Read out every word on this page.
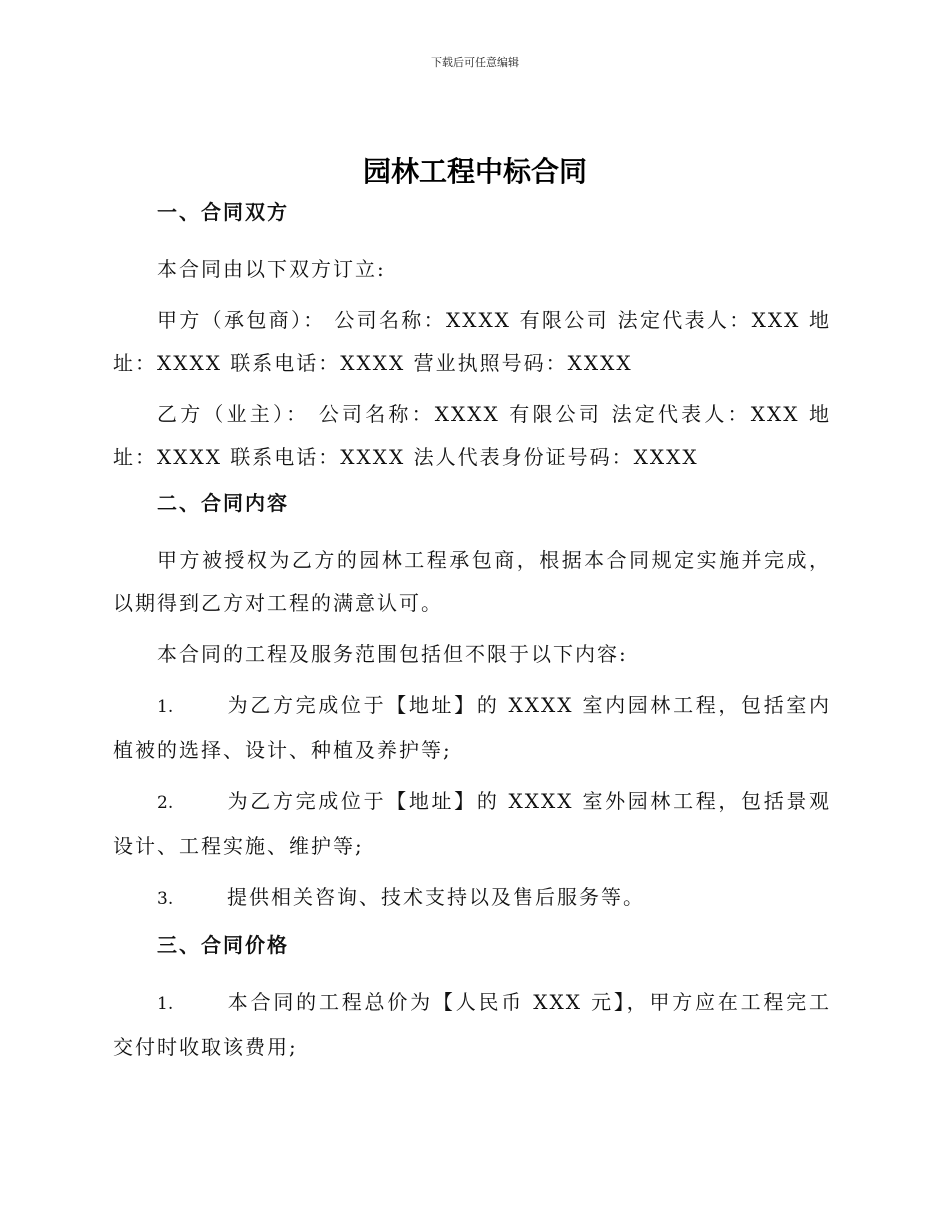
下载后可任意编辑
园林工程中标合同
一、合同双方

本合同由以下双方订立:

甲方（承包商）： 公司名称：XXXX 有限公司 法定代表人：XXX 地址：XXXX 联系电话：XXXX 营业执照号码：XXXX

乙方（业主）： 公司名称：XXXX 有限公司 法定代表人：XXX 地址：XXXX 联系电话：XXXX 法人代表身份证号码：XXXX

二、合同内容

甲方被授权为乙方的园林工程承包商，根据本合同规定实施并完成，以期得到乙方对工程的满意认可。

本合同的工程及服务范围包括但不限于以下内容:

1.	为乙方完成位于【地址】的 XXXX 室内园林工程，包括室内植被的选择、设计、种植及养护等;

2.	为乙方完成位于【地址】的 XXXX 室外园林工程，包括景观设计、工程实施、维护等;

3.	提供相关咨询、技术支持以及售后服务等。

三、合同价格

1.	本合同的工程总价为【人民币 XXX 元】，甲方应在工程完工交付时收取该费用;
